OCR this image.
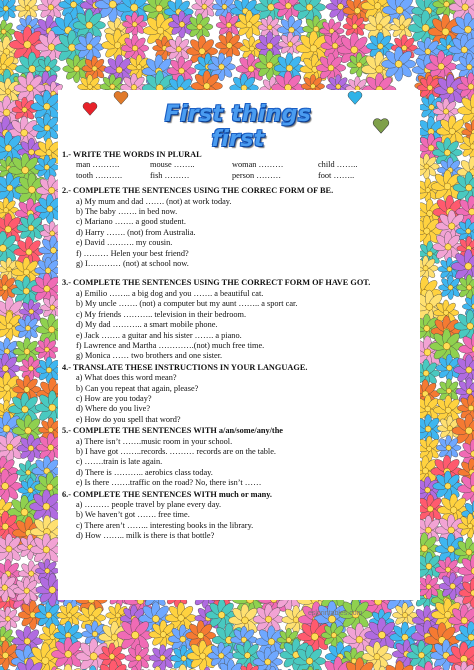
First things first
1.- WRITE THE WORDS IN PLURAL
man ……….	mouse ……..	woman ………	child ……..
tooth ……….	fish ………	person ………	foot ……..
2.- COMPLETE THE SENTENCES USING THE CORREC FORM OF BE.
a) My mum and dad ……. (not) at work today.
b) The baby ……. in bed now.
c) Mariano ……. a good student.
d) Harry ……. (not) from Australia.
e) David ………. my cousin.
f) ……… Helen your best friend?
g) I………… (not) at school now.
3.- COMPLETE THE SENTENCES USING THE CORRECT FORM OF HAVE GOT.
a) Emilio …….. a big dog and you ……. a beautiful cat.
b) My uncle ……. (not) a computer but my aunt …….. a sport car.
c) My friends ……….. television in their bedroom.
d) My dad ……….. a smart mobile phone.
e) Jack ……. a guitar and his sister ……. a piano.
f) Lawrence and Martha ………….(not) much free time.
g) Monica …… two brothers and one sister.
4.- TRANSLATE THESE INSTRUCTIONS IN YOUR LANGUAGE.
a) What does this word mean?
b) Can you repeat that again, please?
c) How are you today?
d) Where do you live?
e) How do you spell that word?
5.- COMPLETE THE SENTENCES WITH a/an/some/any/the
a) There isn’t …….music room in your school.
b) I have got ……..records. ……… records are on the table.
c) …….train is late again.
d) There is ……….. aerobics class today.
e) Is there …….traffic on the road? No, there isn’t ……
6.- COMPLETE THE SENTENCES WITH much or many.
a) ……… people travel by plane every day.
b) We haven’t got ……. free time.
c) There aren’t …….. interesting books in the library.
d) How …….. milk is there is that bottle?
eslprintables.com
